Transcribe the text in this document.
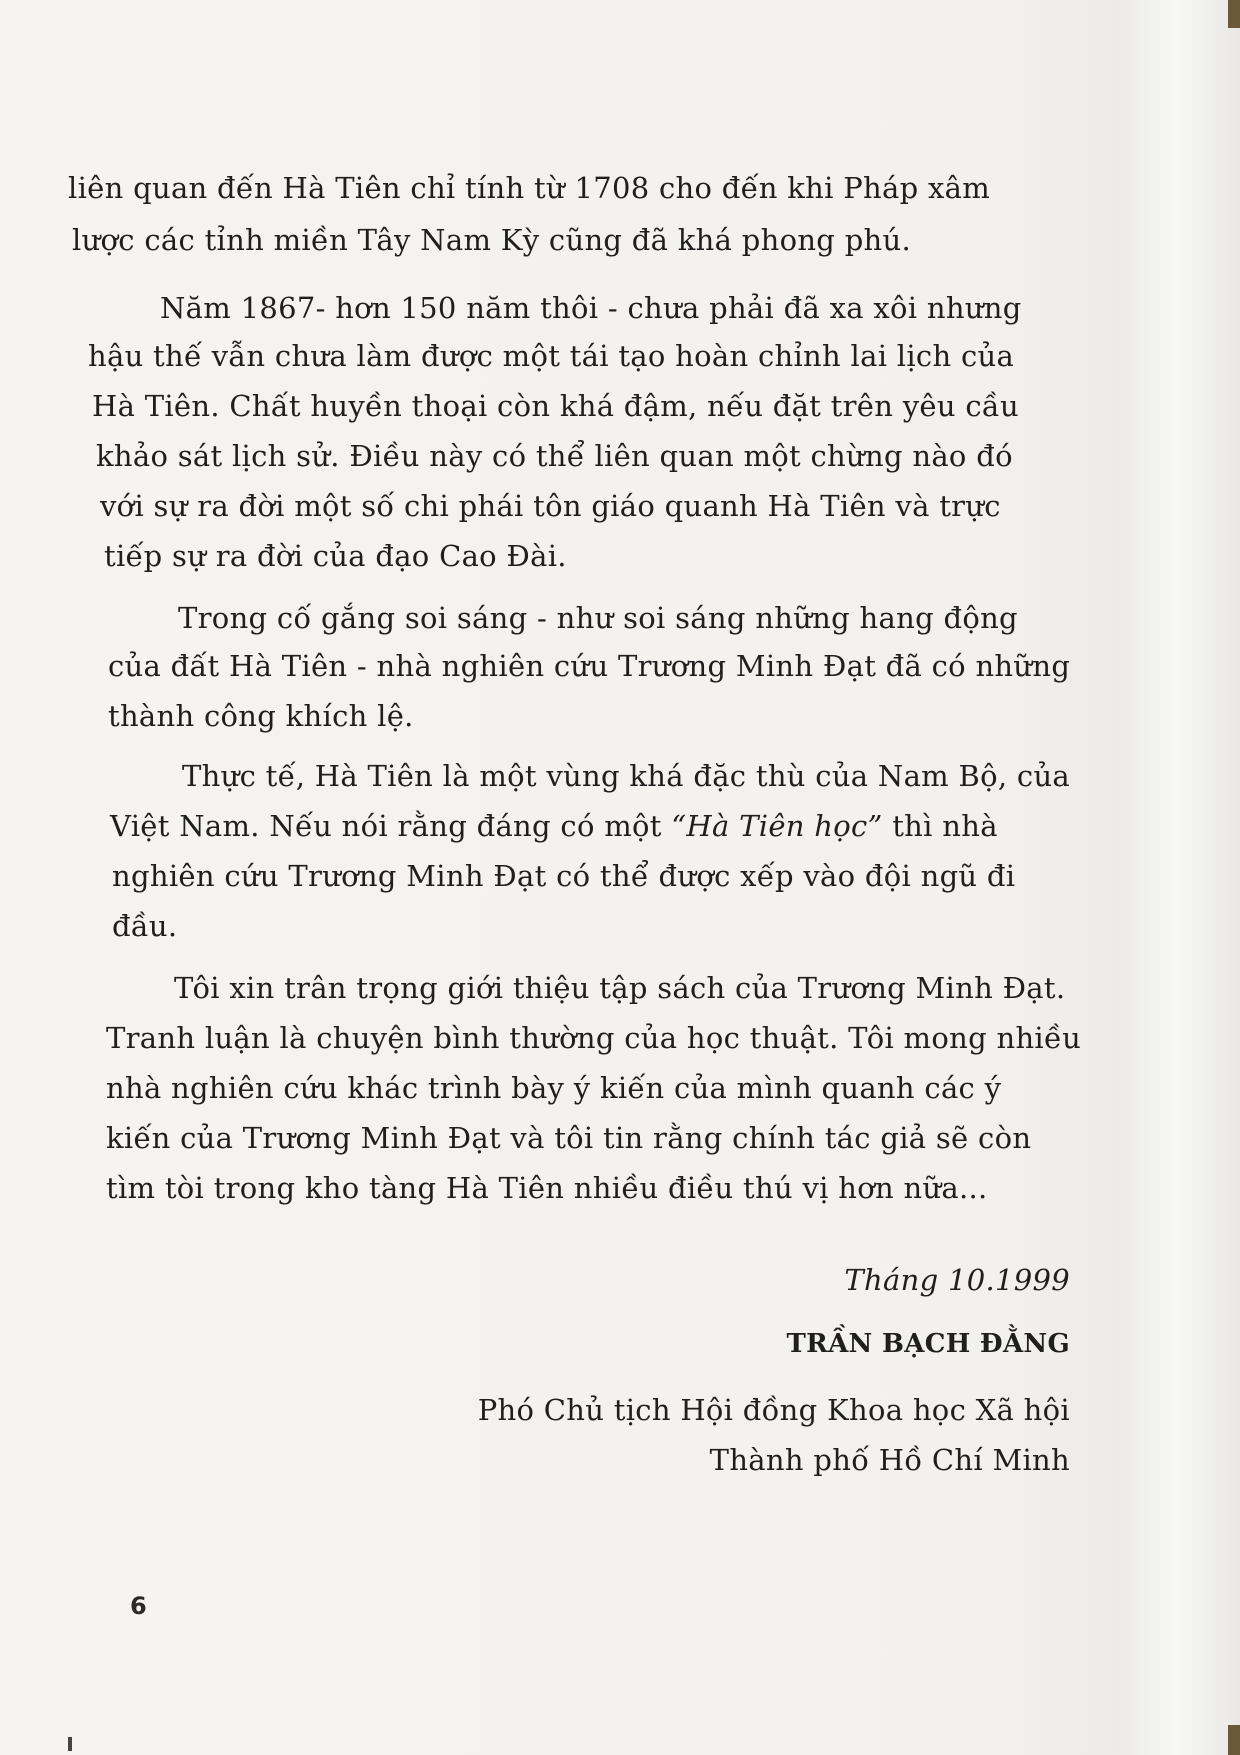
liên quan đến Hà Tiên chỉ tính từ 1708 cho đến khi Pháp xâm
lược các tỉnh miền Tây Nam Kỳ cũng đã khá phong phú.
Năm 1867- hơn 150 năm thôi - chưa phải đã xa xôi nhưng
hậu thế vẫn chưa làm được một tái tạo hoàn chỉnh lai lịch của
Hà Tiên. Chất huyền thoại còn khá đậm, nếu đặt trên yêu cầu
khảo sát lịch sử. Điều này có thể liên quan một chừng nào đó
với sự ra đời một số chi phái tôn giáo quanh Hà Tiên và trực
tiếp sự ra đời của đạo Cao Đài.
Trong cố gắng soi sáng - như soi sáng những hang động
của đất Hà Tiên - nhà nghiên cứu Trương Minh Đạt đã có những
thành công khích lệ.
Thực tế, Hà Tiên là một vùng khá đặc thù của Nam Bộ, của
Việt Nam. Nếu nói rằng đáng có một “Hà Tiên học” thì nhà
nghiên cứu Trương Minh Đạt có thể được xếp vào đội ngũ đi
đầu.
Tôi xin trân trọng giới thiệu tập sách của Trương Minh Đạt.
Tranh luận là chuyện bình thường của học thuật. Tôi mong nhiều
nhà nghiên cứu khác trình bày ý kiến của mình quanh các ý
kiến của Trương Minh Đạt và tôi tin rằng chính tác giả sẽ còn
tìm tòi trong kho tàng Hà Tiên nhiều điều thú vị hơn nữa...
Tháng 10.1999
TRẦN BẠCH ĐẰNG
Phó Chủ tịch Hội đồng Khoa học Xã hội
Thành phố Hồ Chí Minh
6
